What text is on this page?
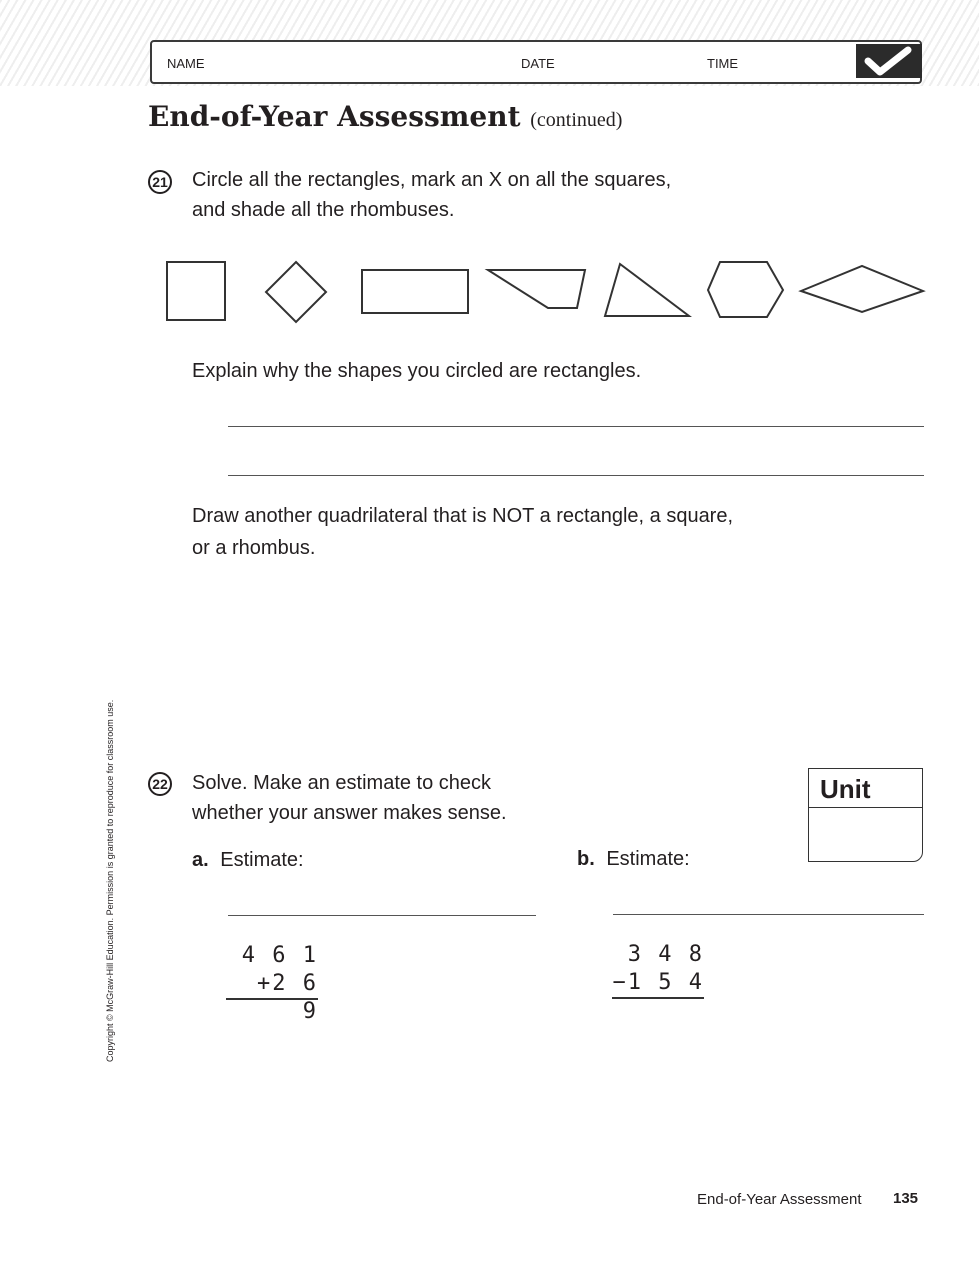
NAME	DATE	TIME
End-of-Year Assessment (continued)
21 Circle all the rectangles, mark an X on all the squares,
and shade all the rhombuses.
Explain why the shapes you circled are rectangles.
Draw another quadrilateral that is NOT a rectangle, a square,
or a rhombus.
22 Solve. Make an estimate to check
whether your answer makes sense.
Unit
a. Estimate:
4 6 1
+2 6 9
b. Estimate:
3 4 8
−1 5 4
Copyright © McGraw-Hill Education. Permission is granted to reproduce for classroom use.
End-of-Year Assessment 135
